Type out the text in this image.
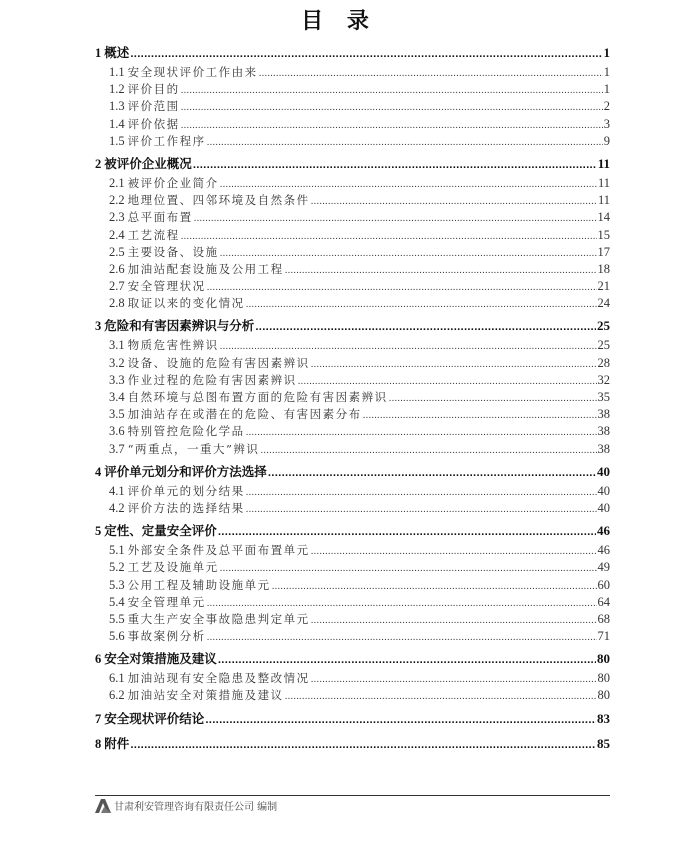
目 录
1 概述 .....	1
1.1 安全现状评价工作由来 .....	1
1.2 评价目的 .....	1
1.3 评价范围 .....	2
1.4 评价依据 .....	3
1.5 评价工作程序 .....	9
2 被评价企业概况 .....	11
2.1 被评价企业简介 .....	11
2.2 地理位置、四邻环境及自然条件 .....	11
2.3 总平面布置 .....	14
2.4 工艺流程 .....	15
2.5 主要设备、设施 .....	17
2.6 加油站配套设施及公用工程 .....	18
2.7 安全管理状况 .....	21
2.8 取证以来的变化情况 .....	24
3 危险和有害因素辨识与分析 .....	25
3.1 物质危害性辨识 .....	25
3.2 设备、设施的危险有害因素辨识 .....	28
3.3 作业过程的危险有害因素辨识 .....	32
3.4 自然环境与总图布置方面的危险有害因素辨识 .....	35
3.5 加油站存在或潜在的危险、有害因素分布 .....	38
3.6 特别管控危险化学品 .....	38
3.7 “两重点，一重大”辨识 .....	38
4 评价单元划分和评价方法选择 .....	40
4.1 评价单元的划分结果 .....	40
4.2 评价方法的选择结果 .....	40
5 定性、定量安全评价 .....	46
5.1 外部安全条件及总平面布置单元 .....	46
5.2 工艺及设施单元 .....	49
5.3 公用工程及辅助设施单元 .....	60
5.4 安全管理单元 .....	64
5.5 重大生产安全事故隐患判定单元 .....	68
5.6 事故案例分析 .....	71
6 安全对策措施及建议 .....	80
6.1 加油站现有安全隐患及整改情况 .....	80
6.2 加油站安全对策措施及建议 .....	80
7 安全现状评价结论 .....	83
8 附件 .....	85
甘肃利安管理咨询有限责任公司 编制
